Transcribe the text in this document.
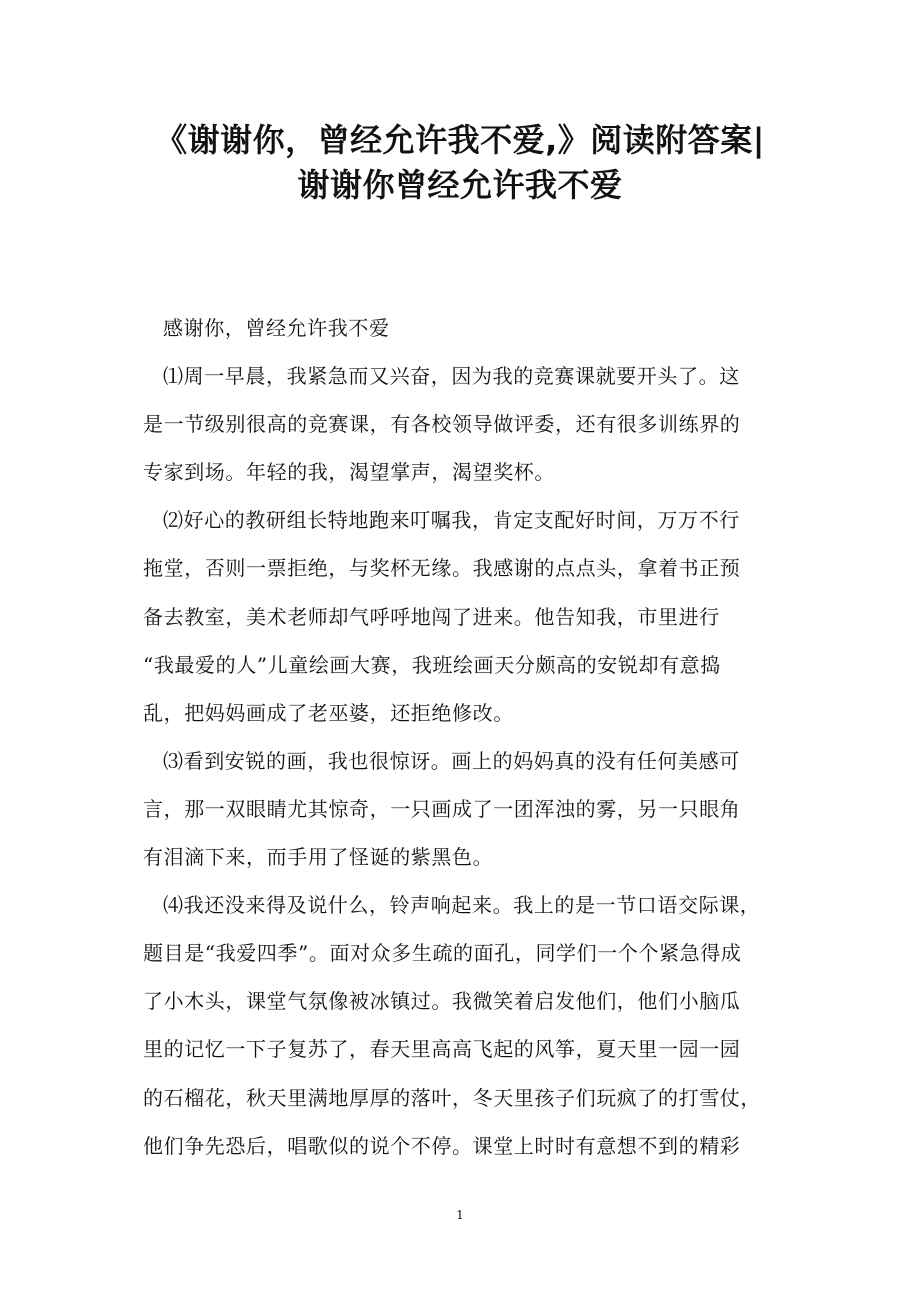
《谢谢你，曾经允许我不爱,》阅读附答案|
谢谢你曾经允许我不爱
感谢你，曾经允许我不爱
⑴周一早晨，我紧急而又兴奋，因为我的竞赛课就要开头了。这
是一节级别很高的竞赛课，有各校领导做评委，还有很多训练界的
专家到场。年轻的我，渴望掌声，渴望奖杯。
⑵好心的教研组长特地跑来叮嘱我，肯定支配好时间，万万不行
拖堂，否则一票拒绝，与奖杯无缘。我感谢的点点头，拿着书正预
备去教室，美术老师却气呼呼地闯了进来。他告知我，市里进行
“我最爱的人”儿童绘画大赛，我班绘画天分颇高的安锐却有意捣
乱，把妈妈画成了老巫婆，还拒绝修改。
⑶看到安锐的画，我也很惊讶。画上的妈妈真的没有任何美感可
言，那一双眼睛尤其惊奇，一只画成了一团浑浊的雾，另一只眼角
有泪滴下来，而手用了怪诞的紫黑色。
⑷我还没来得及说什么，铃声响起来。我上的是一节口语交际课，
题目是“我爱四季”。面对众多生疏的面孔，同学们一个个紧急得成
了小木头，课堂气氛像被冰镇过。我微笑着启发他们，他们小脑瓜
里的记忆一下子复苏了，春天里高高飞起的风筝，夏天里一园一园
的石榴花，秋天里满地厚厚的落叶，冬天里孩子们玩疯了的打雪仗，
他们争先恐后，唱歌似的说个不停。课堂上时时有意想不到的精彩
1
